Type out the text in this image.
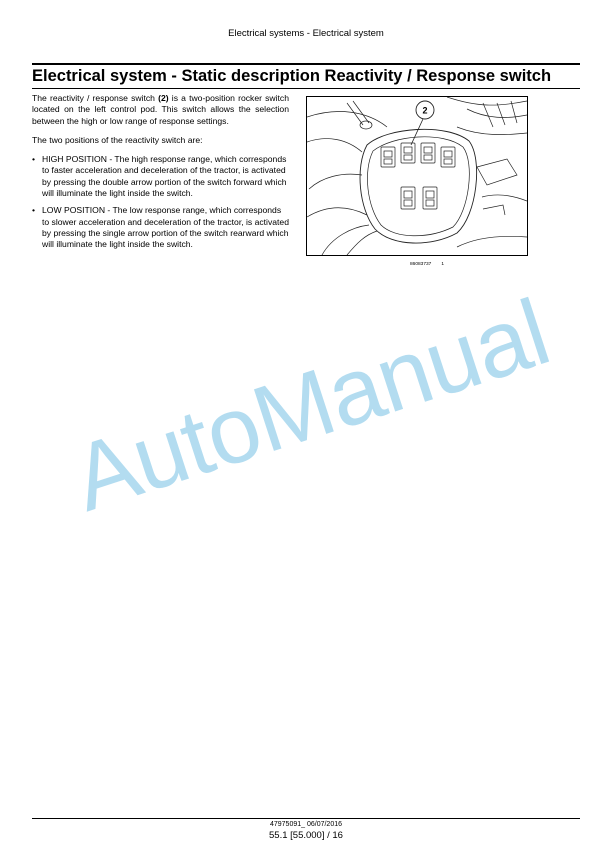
Electrical systems - Electrical system
Electrical system - Static description Reactivity / Response switch

The reactivity / response switch (2) is a two-position rocker switch located on the left control pod. This switch allows the selection between the high or low range of response settings.

The two positions of the reactivity switch are:

• HIGH POSITION - The high response range, which corresponds to faster acceleration and deceleration of the tractor, is activated by pressing the double arrow portion of the switch forward which will illuminate the light inside the switch.
• LOW POSITION - The low response range, which corresponds to slower acceleration and deceleration of the tractor, is activated by pressing the single arrow portion of the switch rearward which will illuminate the light inside the switch.
2
86083737 1
AutoManual
47975091_ 06/07/2016
55.1 [55.000] / 16
